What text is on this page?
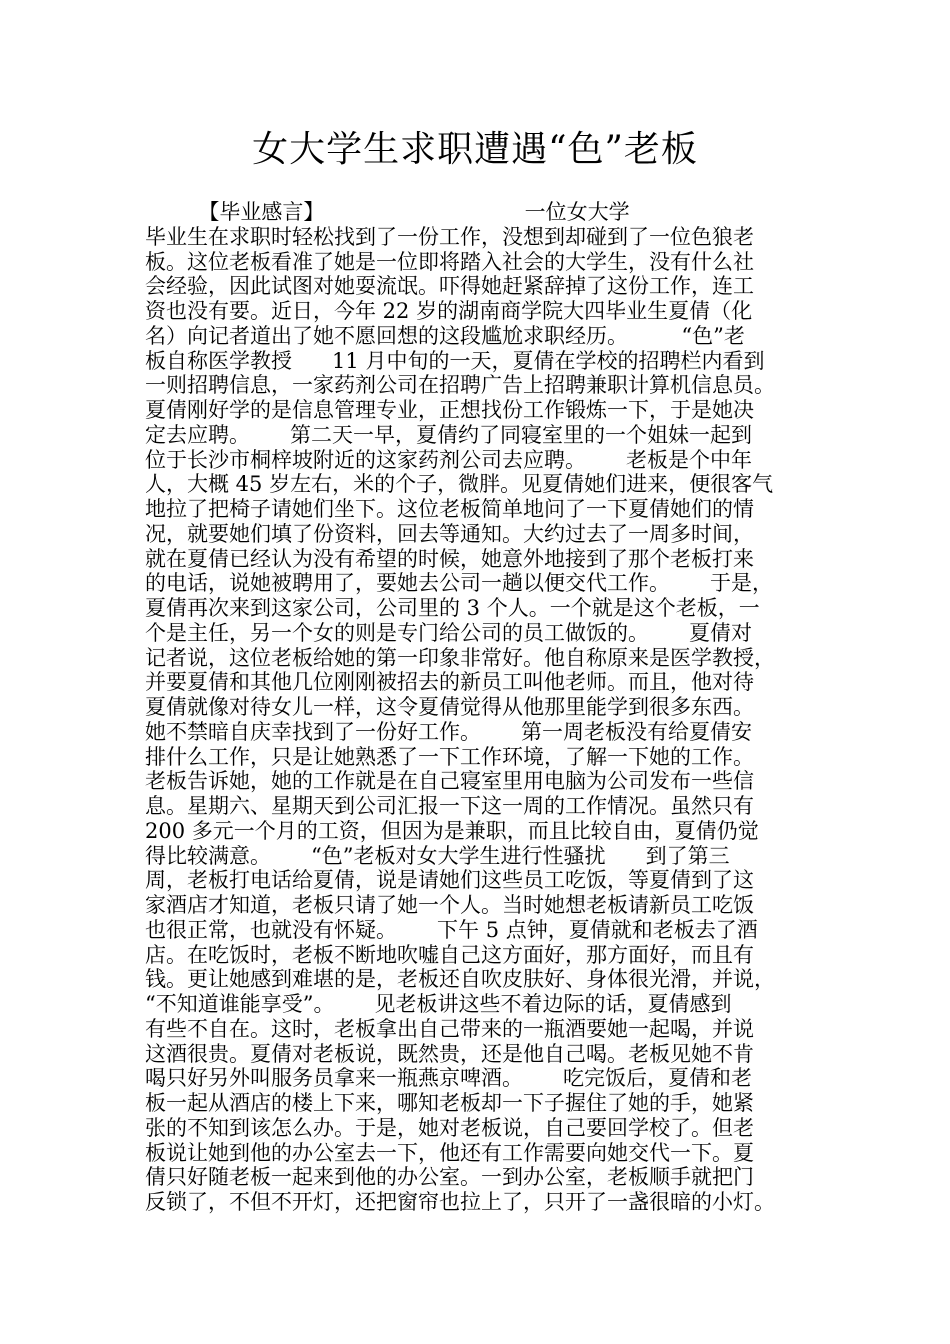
女大学生求职遭遇“色”老板
【毕业感言】                              一位女大学
毕业生在求职时轻松找到了一份工作，没想到却碰到了一位色狼老
板。这位老板看准了她是一位即将踏入社会的大学生，没有什么社
会经验，因此试图对她耍流氓。吓得她赶紧辞掉了这份工作，连工
资也没有要。近日，今年 22 岁的湖南商学院大四毕业生夏倩（化
名）向记者道出了她不愿回想的这段尴尬求职经历。        “色”老
板自称医学教授      11 月中旬的一天，夏倩在学校的招聘栏内看到
一则招聘信息，一家药剂公司在招聘广告上招聘兼职计算机信息员。
夏倩刚好学的是信息管理专业，正想找份工作锻炼一下，于是她决
定去应聘。      第二天一早，夏倩约了同寝室里的一个姐妹一起到
位于长沙市桐梓坡附近的这家药剂公司去应聘。      老板是个中年
人，大概 45 岁左右，米的个子，微胖。见夏倩她们进来，便很客气
地拉了把椅子请她们坐下。这位老板简单地问了一下夏倩她们的情
况，就要她们填了份资料，回去等通知。大约过去了一周多时间，
就在夏倩已经认为没有希望的时候，她意外地接到了那个老板打来
的电话，说她被聘用了，要她去公司一趟以便交代工作。      于是，
夏倩再次来到这家公司，公司里的 3 个人。一个就是这个老板，一
个是主任，另一个女的则是专门给公司的员工做饭的。      夏倩对
记者说，这位老板给她的第一印象非常好。他自称原来是医学教授，
并要夏倩和其他几位刚刚被招去的新员工叫他老师。而且，他对待
夏倩就像对待女儿一样，这令夏倩觉得从他那里能学到很多东西。
她不禁暗自庆幸找到了一份好工作。      第一周老板没有给夏倩安
排什么工作，只是让她熟悉了一下工作环境，了解一下她的工作。
老板告诉她，她的工作就是在自己寝室里用电脑为公司发布一些信
息。星期六、星期天到公司汇报一下这一周的工作情况。虽然只有
200 多元一个月的工资，但因为是兼职，而且比较自由，夏倩仍觉
得比较满意。      “色”老板对女大学生进行性骚扰      到了第三
周，老板打电话给夏倩，说是请她们这些员工吃饭，等夏倩到了这
家酒店才知道，老板只请了她一个人。当时她想老板请新员工吃饭
也很正常，也就没有怀疑。      下午 5 点钟，夏倩就和老板去了酒
店。在吃饭时，老板不断地吹嘘自己这方面好，那方面好，而且有
钱。更让她感到难堪的是，老板还自吹皮肤好、身体很光滑，并说，
“不知道谁能享受”。      见老板讲这些不着边际的话，夏倩感到
有些不自在。这时，老板拿出自己带来的一瓶酒要她一起喝，并说
这酒很贵。夏倩对老板说，既然贵，还是他自己喝。老板见她不肯
喝只好另外叫服务员拿来一瓶燕京啤酒。      吃完饭后，夏倩和老
板一起从酒店的楼上下来，哪知老板却一下子握住了她的手，她紧
张的不知到该怎么办。于是，她对老板说，自己要回学校了。但老
板说让她到他的办公室去一下，他还有工作需要向她交代一下。夏
倩只好随老板一起来到他的办公室。一到办公室，老板顺手就把门
反锁了，不但不开灯，还把窗帘也拉上了，只开了一盏很暗的小灯。
